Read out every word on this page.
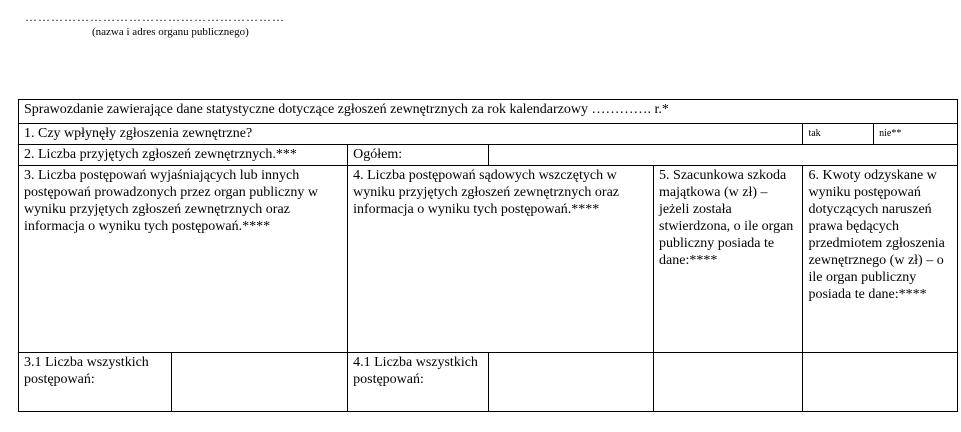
……………………………………………………
(nazwa i adres organu publicznego)
Sprawozdanie zawierające dane statystyczne dotyczące zgłoszeń zewnętrznych za rok kalendarzowy …………. r.*						
1. Czy wpłynęły zgłoszenia zewnętrzne?					tak	nie**
2. Liczba przyjętych zgłoszeń zewnętrznych.***		Ogółem:				
3. Liczba postępowań wyjaśniających lub innych postępowań prowadzonych przez organ publiczny w wyniku przyjętych zgłoszeń zewnętrznych oraz informacja o wyniku tych postępowań.****		4. Liczba postępowań sądowych wszczętych w wyniku przyjętych zgłoszeń zewnętrznych oraz informacja o wyniku tych postępowań.****		5. Szacunkowa szkoda majątkowa (w zł) – jeżeli została stwierdzona, o ile organ publiczny posiada te dane:****	6. Kwoty odzyskane w wyniku postępowań dotyczących naruszeń prawa będących przedmiotem zgłoszenia zewnętrznego (w zł) – o ile organ publiczny posiada te dane:****	
3.1 Liczba wszystkich postępowań:		4.1 Liczba wszystkich postępowań:				
